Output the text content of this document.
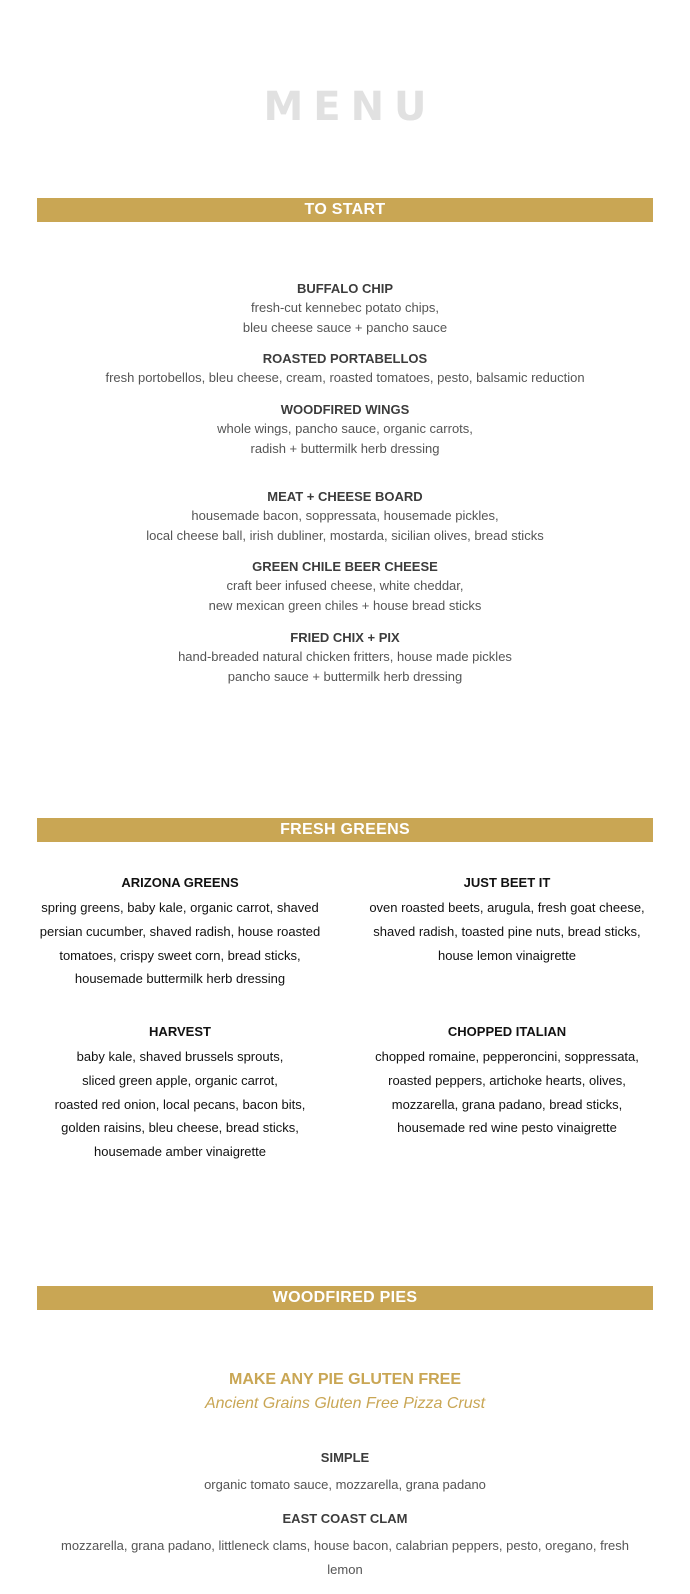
MENU
TO START
BUFFALO CHIP
fresh-cut kennebec potato chips,
bleu cheese sauce + pancho sauce
ROASTED PORTABELLOS
fresh portobellos, bleu cheese, cream, roasted tomatoes, pesto, balsamic reduction
WOODFIRED WINGS
whole wings, pancho sauce, organic carrots,
radish + buttermilk herb dressing
MEAT + CHEESE BOARD
housemade bacon, soppressata, housemade pickles,
local cheese ball, irish dubliner, mostarda, sicilian olives, bread sticks
GREEN CHILE BEER CHEESE
craft beer infused cheese, white cheddar,
new mexican green chiles + house bread sticks
FRIED CHIX + PIX
hand-breaded natural chicken fritters, house made pickles
pancho sauce + buttermilk herb dressing
FRESH GREENS
ARIZONA GREENS
spring greens, baby kale, organic carrot, shaved
persian cucumber, shaved radish, house roasted
tomatoes, crispy sweet corn, bread sticks,
housemade buttermilk herb dressing
JUST BEET IT
oven roasted beets, arugula, fresh goat cheese,
shaved radish, toasted pine nuts, bread sticks,
house lemon vinaigrette
HARVEST
baby kale, shaved brussels sprouts,
sliced green apple, organic carrot,
roasted red onion, local pecans, bacon bits,
golden raisins, bleu cheese, bread sticks,
housemade amber vinaigrette
CHOPPED ITALIAN
chopped romaine, pepperoncini, soppressata,
roasted peppers, artichoke hearts, olives,
mozzarella, grana padano, bread sticks,
housemade red wine pesto vinaigrette
WOODFIRED PIES
MAKE ANY PIE GLUTEN FREE
Ancient Grains Gluten Free Pizza Crust
SIMPLE
organic tomato sauce, mozzarella, grana padano
EAST COAST CLAM
mozzarella, grana padano, littleneck clams, house bacon, calabrian peppers, pesto, oregano, fresh lemon
